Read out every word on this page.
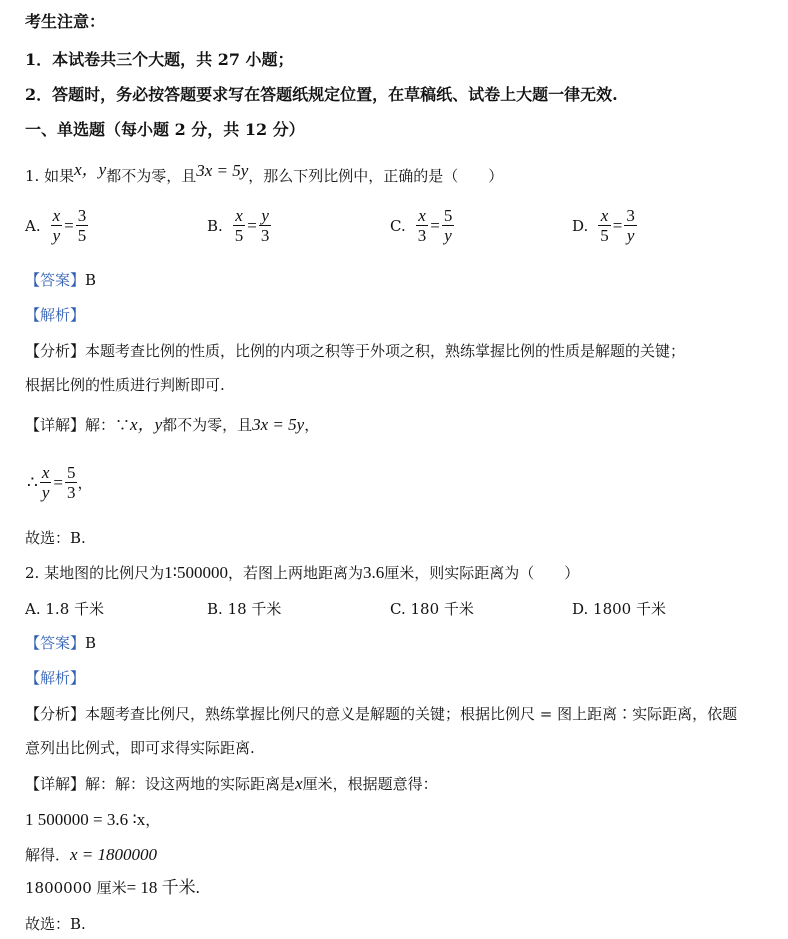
考生注意：
1．本试卷共三个大题，共 27 小题；
2．答题时，务必按答题要求写在答题纸规定位置，在草稿纸、试卷上大题一律无效.
一、单选题（每小题 2 分，共 12 分）
1. 如果x，y都不为零，且3x = 5y，那么下列比例中，正确的是（　　）
A. $\frac{x}{y} = \frac{3}{5}$	B. $\frac{x}{5} = \frac{y}{3}$	C. $\frac{x}{3} = \frac{5}{y}$	D. $\frac{x}{5} = \frac{3}{y}$
【答案】B
【解析】
【分析】本题考查比例的性质，比例的内项之积等于外项之积，熟练掌握比例的性质是解题的关键；
根据比例的性质进行判断即可.
【详解】解：∵x，y都不为零，且3x = 5y，
∴ $\frac{x}{y} = \frac{5}{3}$ ，
故选：B.
2. 某地图的比例尺为1∶500000，若图上两地距离为3.6厘米，则实际距离为（　　）
A. 1.8 千米	B. 18 千米	C. 180 千米	D. 1800 千米
【答案】B
【解析】
【分析】本题考查比例尺，熟练掌握比例尺的意义是解题的关键；根据比例尺 = 图上距离∶实际距离，依题
意列出比例式，即可求得实际距离.
【详解】解：解：设这两地的实际距离是x厘米，根据题意得：
1 500000 = 3.6 ∶x，
解得．x = 1800000
1800000 厘米= 18 千米.
故选：B.
